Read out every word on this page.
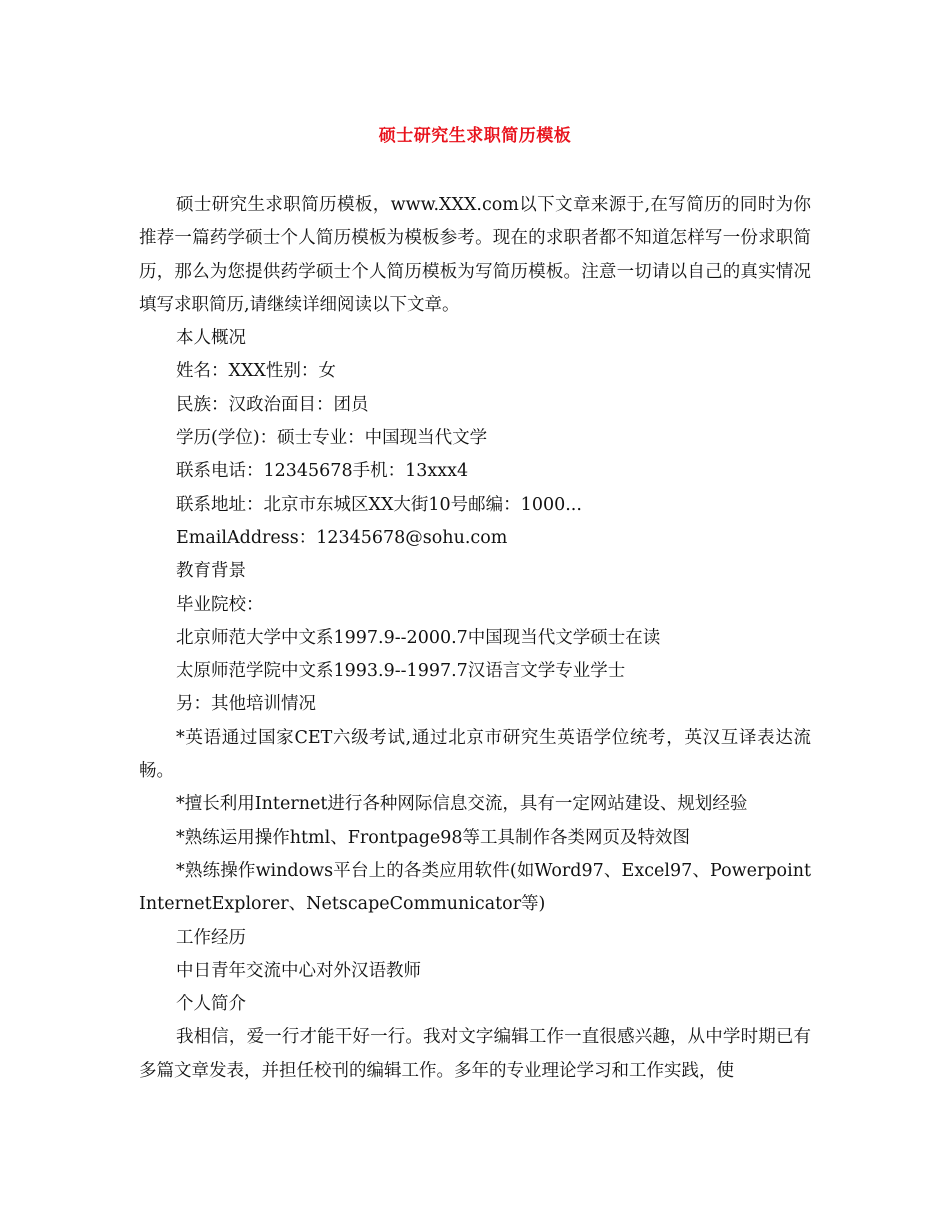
硕士研究生求职简历模板

硕士研究生求职简历模板，www.XXX.com以下文章来源于,在写简历的同时为你推荐一篇药学硕士个人简历模板为模板参考。现在的求职者都不知道怎样写一份求职简历，那么为您提供药学硕士个人简历模板为写简历模板。注意一切请以自己的真实情况填写求职简历,请继续详细阅读以下文章。

本人概况

姓名：XXX性别：女

民族：汉政治面目：团员

学历(学位)：硕士专业：中国现当代文学

联系电话：12345678手机：13xxx4

联系地址：北京市东城区XX大街10号邮编：1000...

EmailAddress：12345678@sohu.com

教育背景

毕业院校：

北京师范大学中文系1997.9--2000.7中国现当代文学硕士在读

太原师范学院中文系1993.9--1997.7汉语言文学专业学士

另：其他培训情况

*英语通过国家CET六级考试,通过北京市研究生英语学位统考，英汉互译表达流畅。

*擅长利用Internet进行各种网际信息交流，具有一定网站建设、规划经验

*熟练运用操作html、Frontpage98等工具制作各类网页及特效图

*熟练操作windows平台上的各类应用软件(如Word97、Excel97、Powerpoint InternetExplorer、NetscapeCommunicator等)

工作经历

中日青年交流中心对外汉语教师

个人简介

我相信，爱一行才能干好一行。我对文字编辑工作一直很感兴趣，从中学时期已有多篇文章发表，并担任校刊的编辑工作。多年的专业理论学习和工作实践，使
